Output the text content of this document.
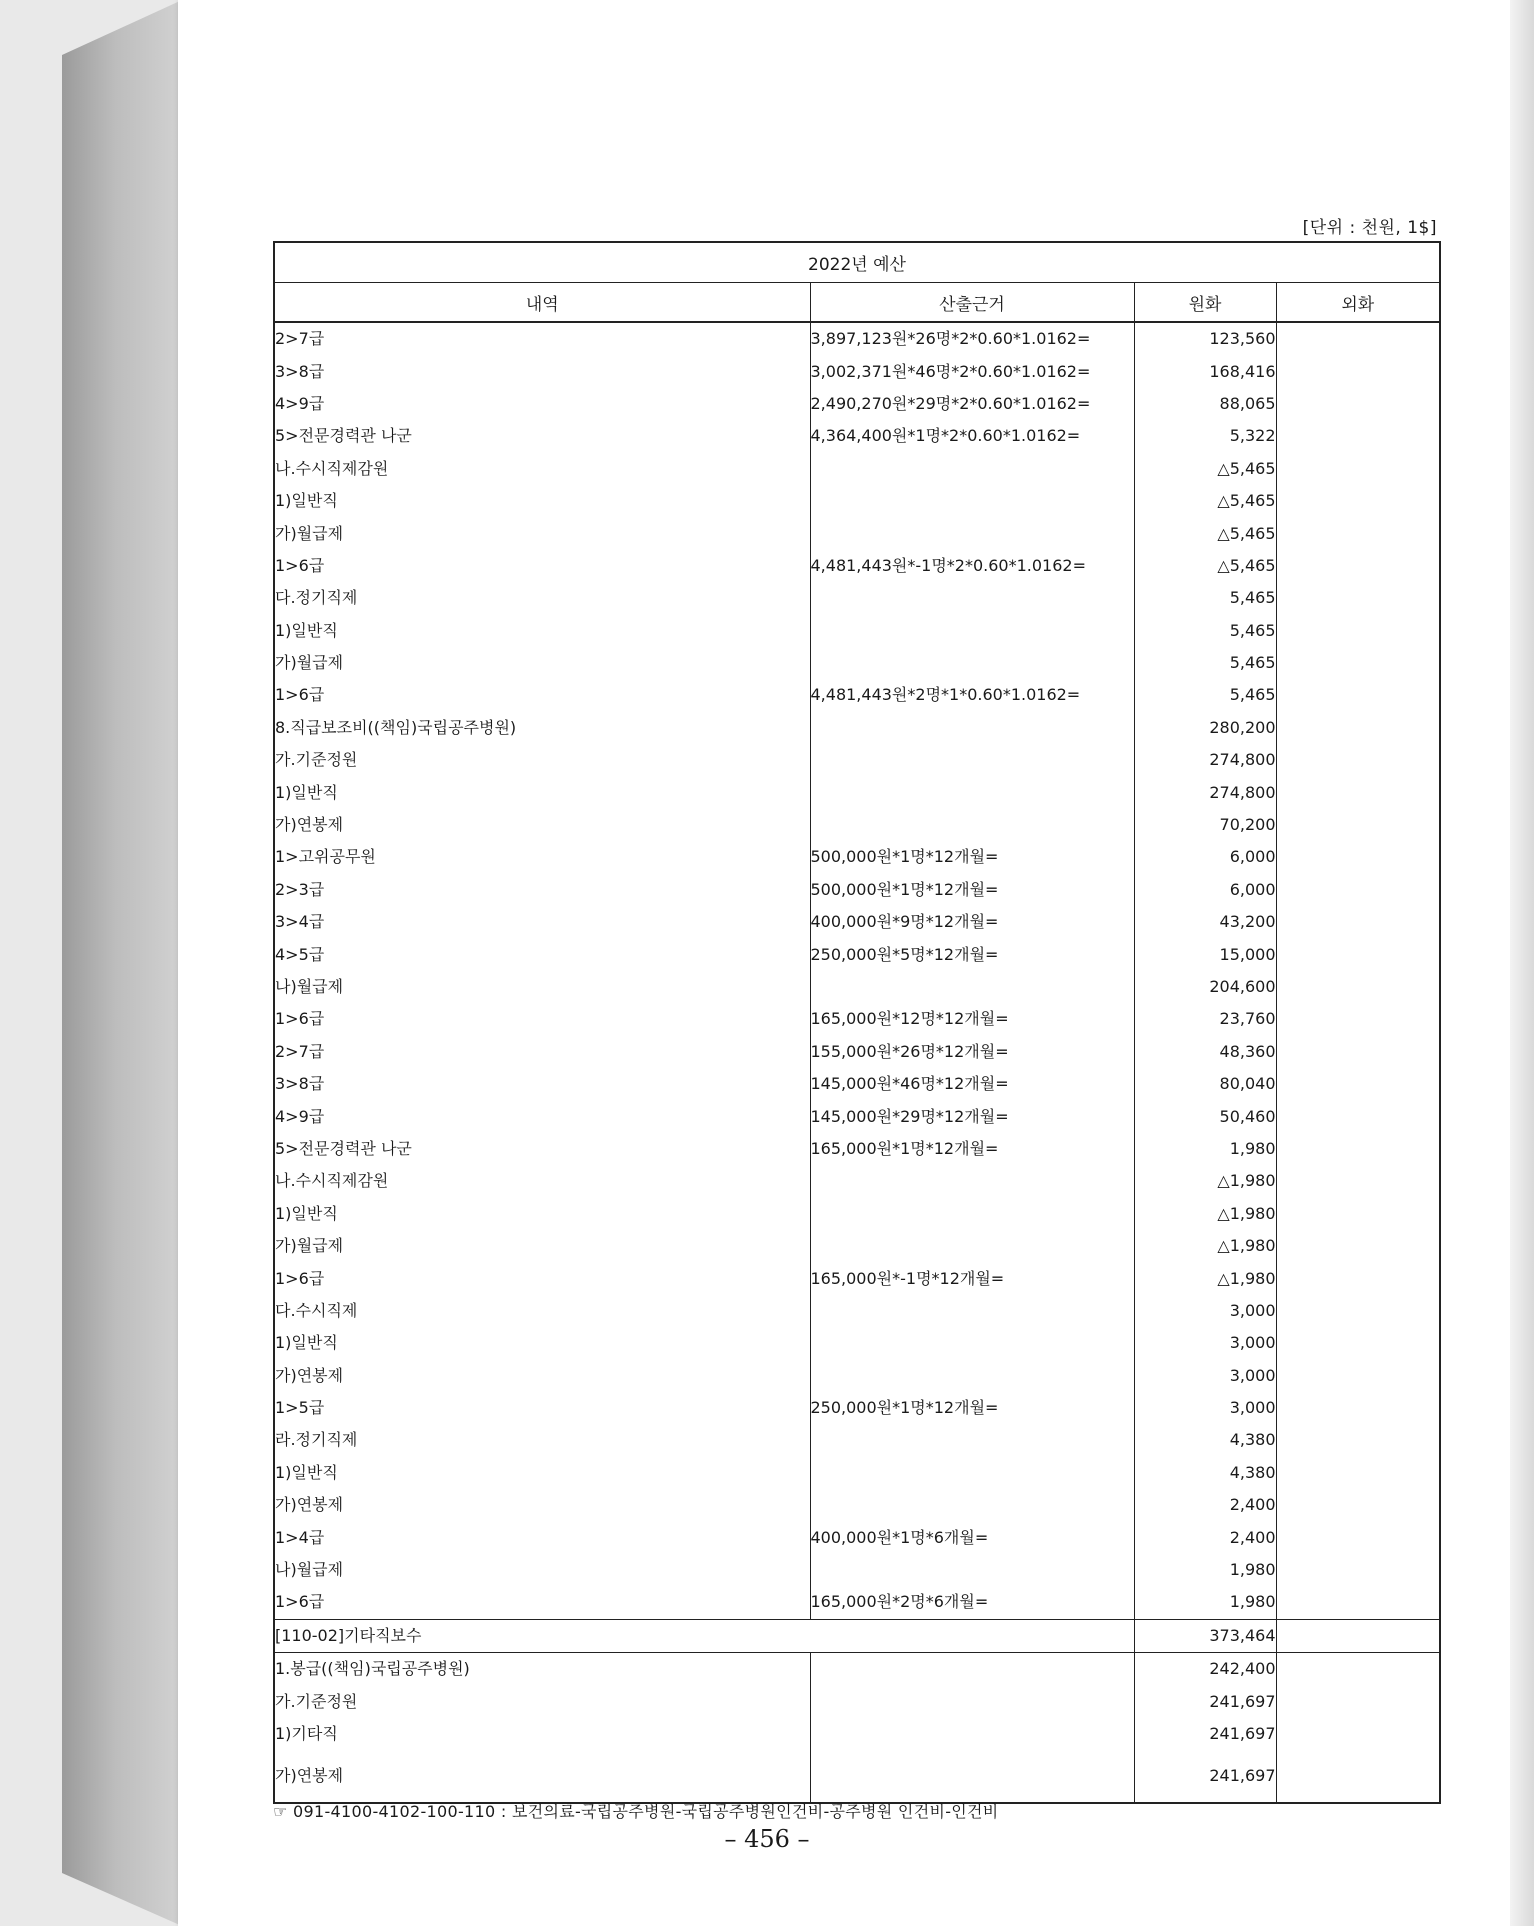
[단위 : 천원, 1$]
2022년 예산			
내역	산출근거	원화	외화
2>7급	3,897,123원*26명*2*0.60*1.0162=	123,560	
3>8급	3,002,371원*46명*2*0.60*1.0162=	168,416	
4>9급	2,490,270원*29명*2*0.60*1.0162=	88,065	
5>전문경력관 나군	4,364,400원*1명*2*0.60*1.0162=	5,322	
나.수시직제감원		△5,465	
1)일반직		△5,465	
가)월급제		△5,465	
1>6급	4,481,443원*-1명*2*0.60*1.0162=	△5,465	
다.정기직제		5,465	
1)일반직		5,465	
가)월급제		5,465	
1>6급	4,481,443원*2명*1*0.60*1.0162=	5,465	
8.직급보조비((책임)국립공주병원)		280,200	
가.기준정원		274,800	
1)일반직		274,800	
가)연봉제		70,200	
1>고위공무원	500,000원*1명*12개월=	6,000	
2>3급	500,000원*1명*12개월=	6,000	
3>4급	400,000원*9명*12개월=	43,200	
4>5급	250,000원*5명*12개월=	15,000	
나)월급제		204,600	
1>6급	165,000원*12명*12개월=	23,760	
2>7급	155,000원*26명*12개월=	48,360	
3>8급	145,000원*46명*12개월=	80,040	
4>9급	145,000원*29명*12개월=	50,460	
5>전문경력관 나군	165,000원*1명*12개월=	1,980	
나.수시직제감원		△1,980	
1)일반직		△1,980	
가)월급제		△1,980	
1>6급	165,000원*-1명*12개월=	△1,980	
다.수시직제		3,000	
1)일반직		3,000	
가)연봉제		3,000	
1>5급	250,000원*1명*12개월=	3,000	
라.정기직제		4,380	
1)일반직		4,380	
가)연봉제		2,400	
1>4급	400,000원*1명*6개월=	2,400	
나)월급제		1,980	
1>6급	165,000원*2명*6개월=	1,980	
[110-02]기타직보수		373,464	
1.봉급((책임)국립공주병원)		242,400	
가.기준정원		241,697	
1)기타직		241,697	
가)연봉제		241,697	
☞ 091-4100-4102-100-110 : 보건의료-국립공주병원-국립공주병원인건비-공주병원 인건비-인건비
– 456 –
